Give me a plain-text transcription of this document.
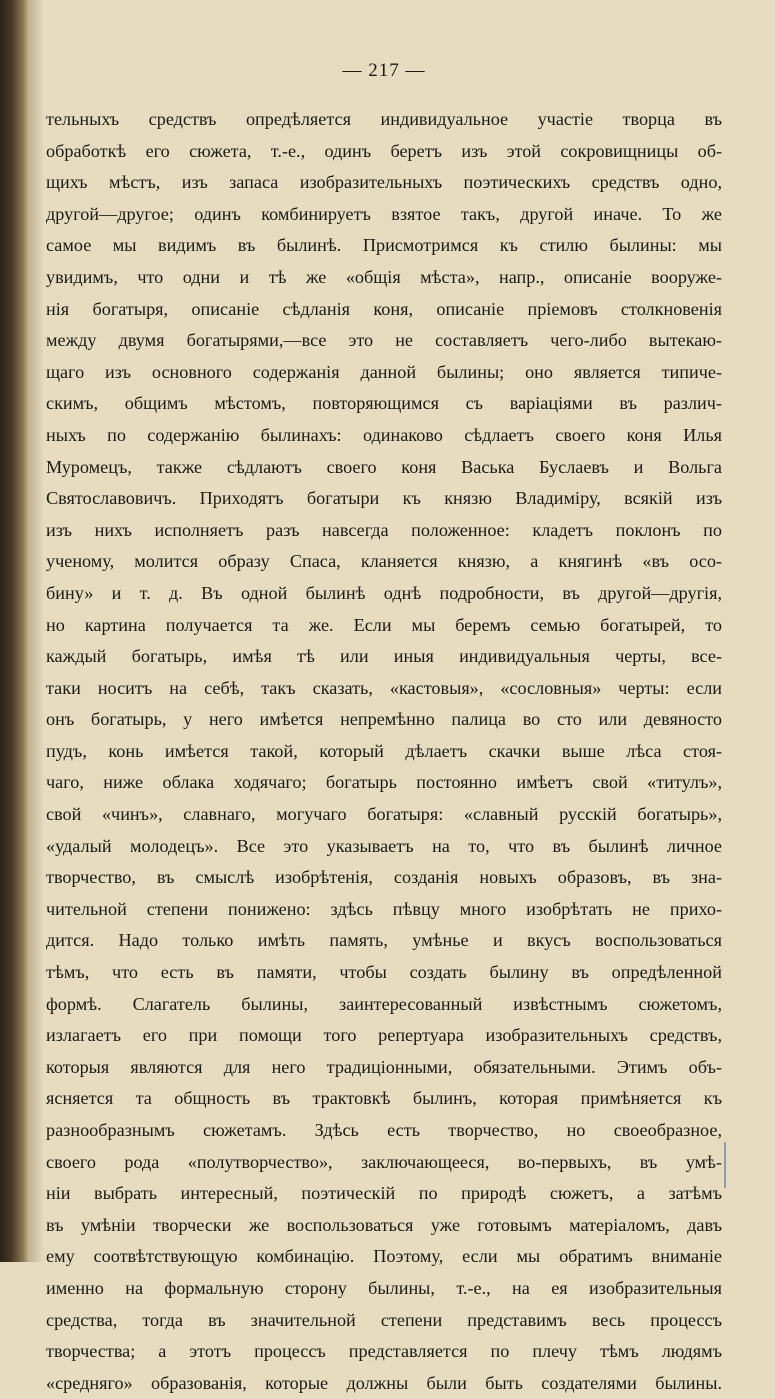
— 217 —
тельныхъ средствъ опредѣляется индивидуальное участіе творца въ
обработкѣ его сюжета, т.-е., одинъ беретъ изъ этой сокровищницы об-
щихъ мѣстъ, изъ запаса изобразительныхъ поэтическихъ средствъ одно,
другой—другое; одинъ комбинируетъ взятое такъ, другой иначе. То же
самое мы видимъ въ былинѣ. Присмотримся къ стилю былины: мы
увидимъ, что одни и тѣ же «общія мѣста», напр., описаніе вооруже-
нія богатыря, описаніе сѣдланія коня, описаніе пріемовъ столкновенія
между двумя богатырями,—все это не составляетъ чего-либо вытекаю-
щаго изъ основного содержанія данной былины; оно является типиче-
скимъ, общимъ мѣстомъ, повторяющимся съ варіаціями въ различ-
ныхъ по содержанію былинахъ: одинаково сѣдлаетъ своего коня Илья
Муромецъ, также сѣдлаютъ своего коня Васька Буслаевъ и Вольга
Святославовичъ. Приходятъ богатыри къ князю Владиміру, всякій изъ
изъ нихъ исполняетъ разъ навсегда положенное: кладетъ поклонъ по
ученому, молится образу Спаса, кланяется князю, а княгинѣ «въ осо-
бину» и т. д. Въ одной былинѣ однѣ подробности, въ другой—другія,
но картина получается та же. Если мы беремъ семью богатырей, то
каждый богатырь, имѣя тѣ или иныя индивидуальныя черты, все-
таки носитъ на себѣ, такъ сказать, «кастовыя», «сословныя» черты: если
онъ богатырь, у него имѣется непремѣнно палица во сто или девяносто
пудъ, конь имѣется такой, который дѣлаетъ скачки выше лѣса стоя-
чаго, ниже облака ходячаго; богатырь постоянно имѣетъ свой «титулъ»,
свой «чинъ», славнаго, могучаго богатыря: «славный русскій богатырь»,
«удалый молодецъ». Все это указываетъ на то, что въ былинѣ личное
творчество, въ смыслѣ изобрѣтенія, созданія новыхъ образовъ, въ зна-
чительной степени понижено: здѣсь пѣвцу много изобрѣтать не прихо-
дится. Надо только имѣть память, умѣнье и вкусъ воспользоваться
тѣмъ, что есть въ памяти, чтобы создать былину въ опредѣленной
формѣ. Слагатель былины, заинтересованный извѣстнымъ сюжетомъ,
излагаетъ его при помощи того репертуара изобразительныхъ средствъ,
которыя являются для него традиціонными, обязательными. Этимъ объ-
ясняется та общность въ трактовкѣ былинъ, которая примѣняется къ
разнообразнымъ сюжетамъ. Здѣсь есть творчество, но своеобразное,
своего рода «полутворчество», заключающееся, во-первыхъ, въ умѣ-
ніи выбрать интересный, поэтическій по природѣ сюжетъ, а затѣмъ
въ умѣніи творчески же воспользоваться уже готовымъ матеріаломъ, давъ
ему соотвѣтствующую комбинацію. Поэтому, если мы обратимъ вниманіе
именно на формальную сторону былины, т.-е., на ея изобразительныя
средства, тогда въ значительной степени представимъ весь процессъ
творчества; а этотъ процессъ представляется по плечу тѣмъ людямъ
«средняго» образованія, которые должны были быть создателями былины.
